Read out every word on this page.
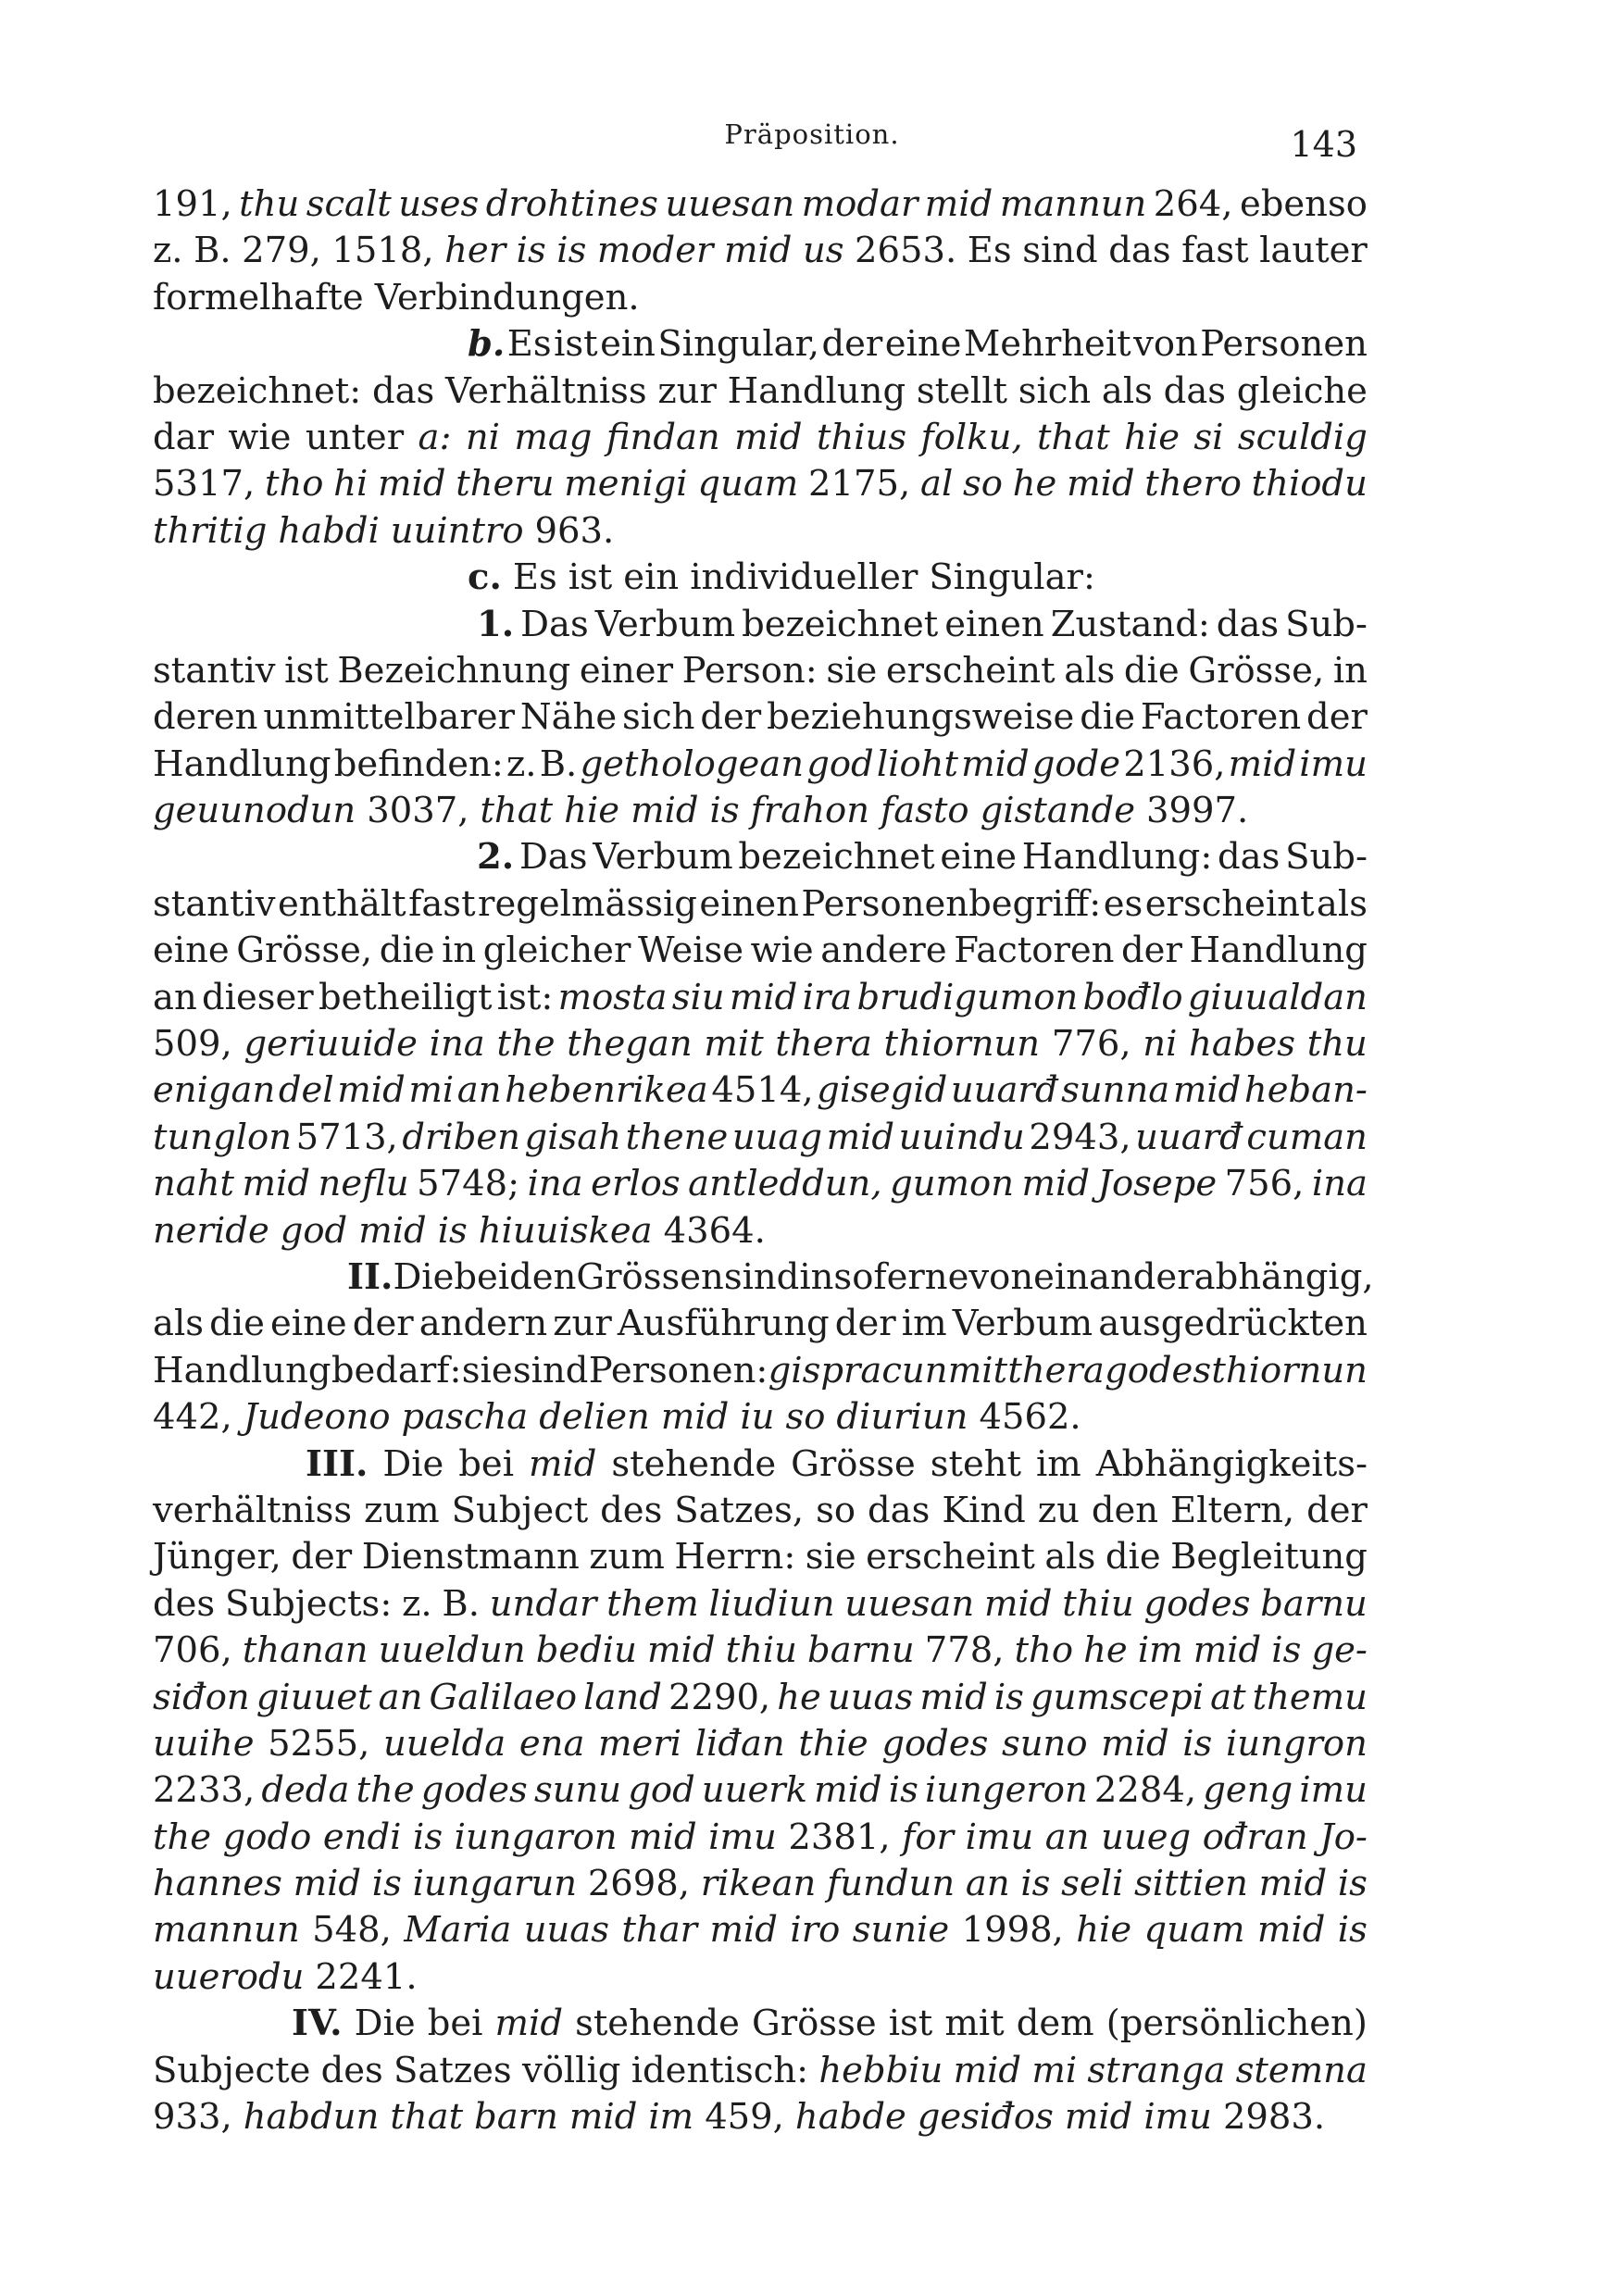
Präposition.	143
191, thu scalt uses drohtines uuesan modar mid mannun 264, ebenso
z. B. 279, 1518, her is is moder mid us 2653. Es sind das fast lauter
formelhafte Verbindungen.
b. Es ist ein Singular, der eine Mehrheit von Personen
bezeichnet: das Verhältniss zur Handlung stellt sich als das gleiche
dar wie unter a: ni mag findan mid thius folku, that hie si sculdig
5317, tho hi mid theru menigi quam 2175, al so he mid thero thiodu
thritig habdi uuintro 963.
c. Es ist ein individueller Singular:
1. Das Verbum bezeichnet einen Zustand: das Sub-
stantiv ist Bezeichnung einer Person: sie erscheint als die Grösse, in
deren unmittelbarer Nähe sich der beziehungsweise die Factoren der
Handlung befinden: z. B. gethologean god lioht mid gode 2136, mid imu
geuunodun 3037, that hie mid is frahon fasto gistande 3997.
2. Das Verbum bezeichnet eine Handlung: das Sub-
stantiv enthält fast regelmässig einen Personenbegriff: es erscheint als
eine Grösse, die in gleicher Weise wie andere Factoren der Handlung
an dieser betheiligt ist: mosta siu mid ira brudigumon bođlo giuualdan
509, geriuuide ina the thegan mit thera thiornun 776, ni habes thu
enigan del mid mi an hebenrikea 4514, gisegid uuarđ sunna mid heban-
tunglon 5713, driben gisah thene uuag mid uuindu 2943, uuarđ cuman
naht mid neflu 5748; ina erlos antleddun, gumon mid Josepe 756, ina
neride god mid is hiuuiskea 4364.
II. Die beiden Grössen sind insoferne von einander abhängig,
als die eine der andern zur Ausführung der im Verbum ausgedrückten
Handlung bedarf: sie sind Personen: gispracun mit thera godes thiornun
442, Judeono pascha delien mid iu so diuriun 4562.
III. Die bei mid stehende Grösse steht im Abhängigkeits-
verhältniss zum Subject des Satzes, so das Kind zu den Eltern, der
Jünger, der Dienstmann zum Herrn: sie erscheint als die Begleitung
des Subjects: z. B. undar them liudiun uuesan mid thiu godes barnu
706, thanan uueldun bediu mid thiu barnu 778, tho he im mid is ge-
siđon giuuet an Galilaeo land 2290, he uuas mid is gumscepi at themu
uuihe 5255, uuelda ena meri liđan thie godes suno mid is iungron
2233, deda the godes sunu god uuerk mid is iungeron 2284, geng imu
the godo endi is iungaron mid imu 2381, for imu an uueg ođran Jo-
hannes mid is iungarun 2698, rikean fundun an is seli sittien mid is
mannun 548, Maria uuas thar mid iro sunie 1998, hie quam mid is
uuerodu 2241.
IV. Die bei mid stehende Grösse ist mit dem (persönlichen)
Subjecte des Satzes völlig identisch: hebbiu mid mi stranga stemna
933, habdun that barn mid im 459, habde gesiđos mid imu 2983.
